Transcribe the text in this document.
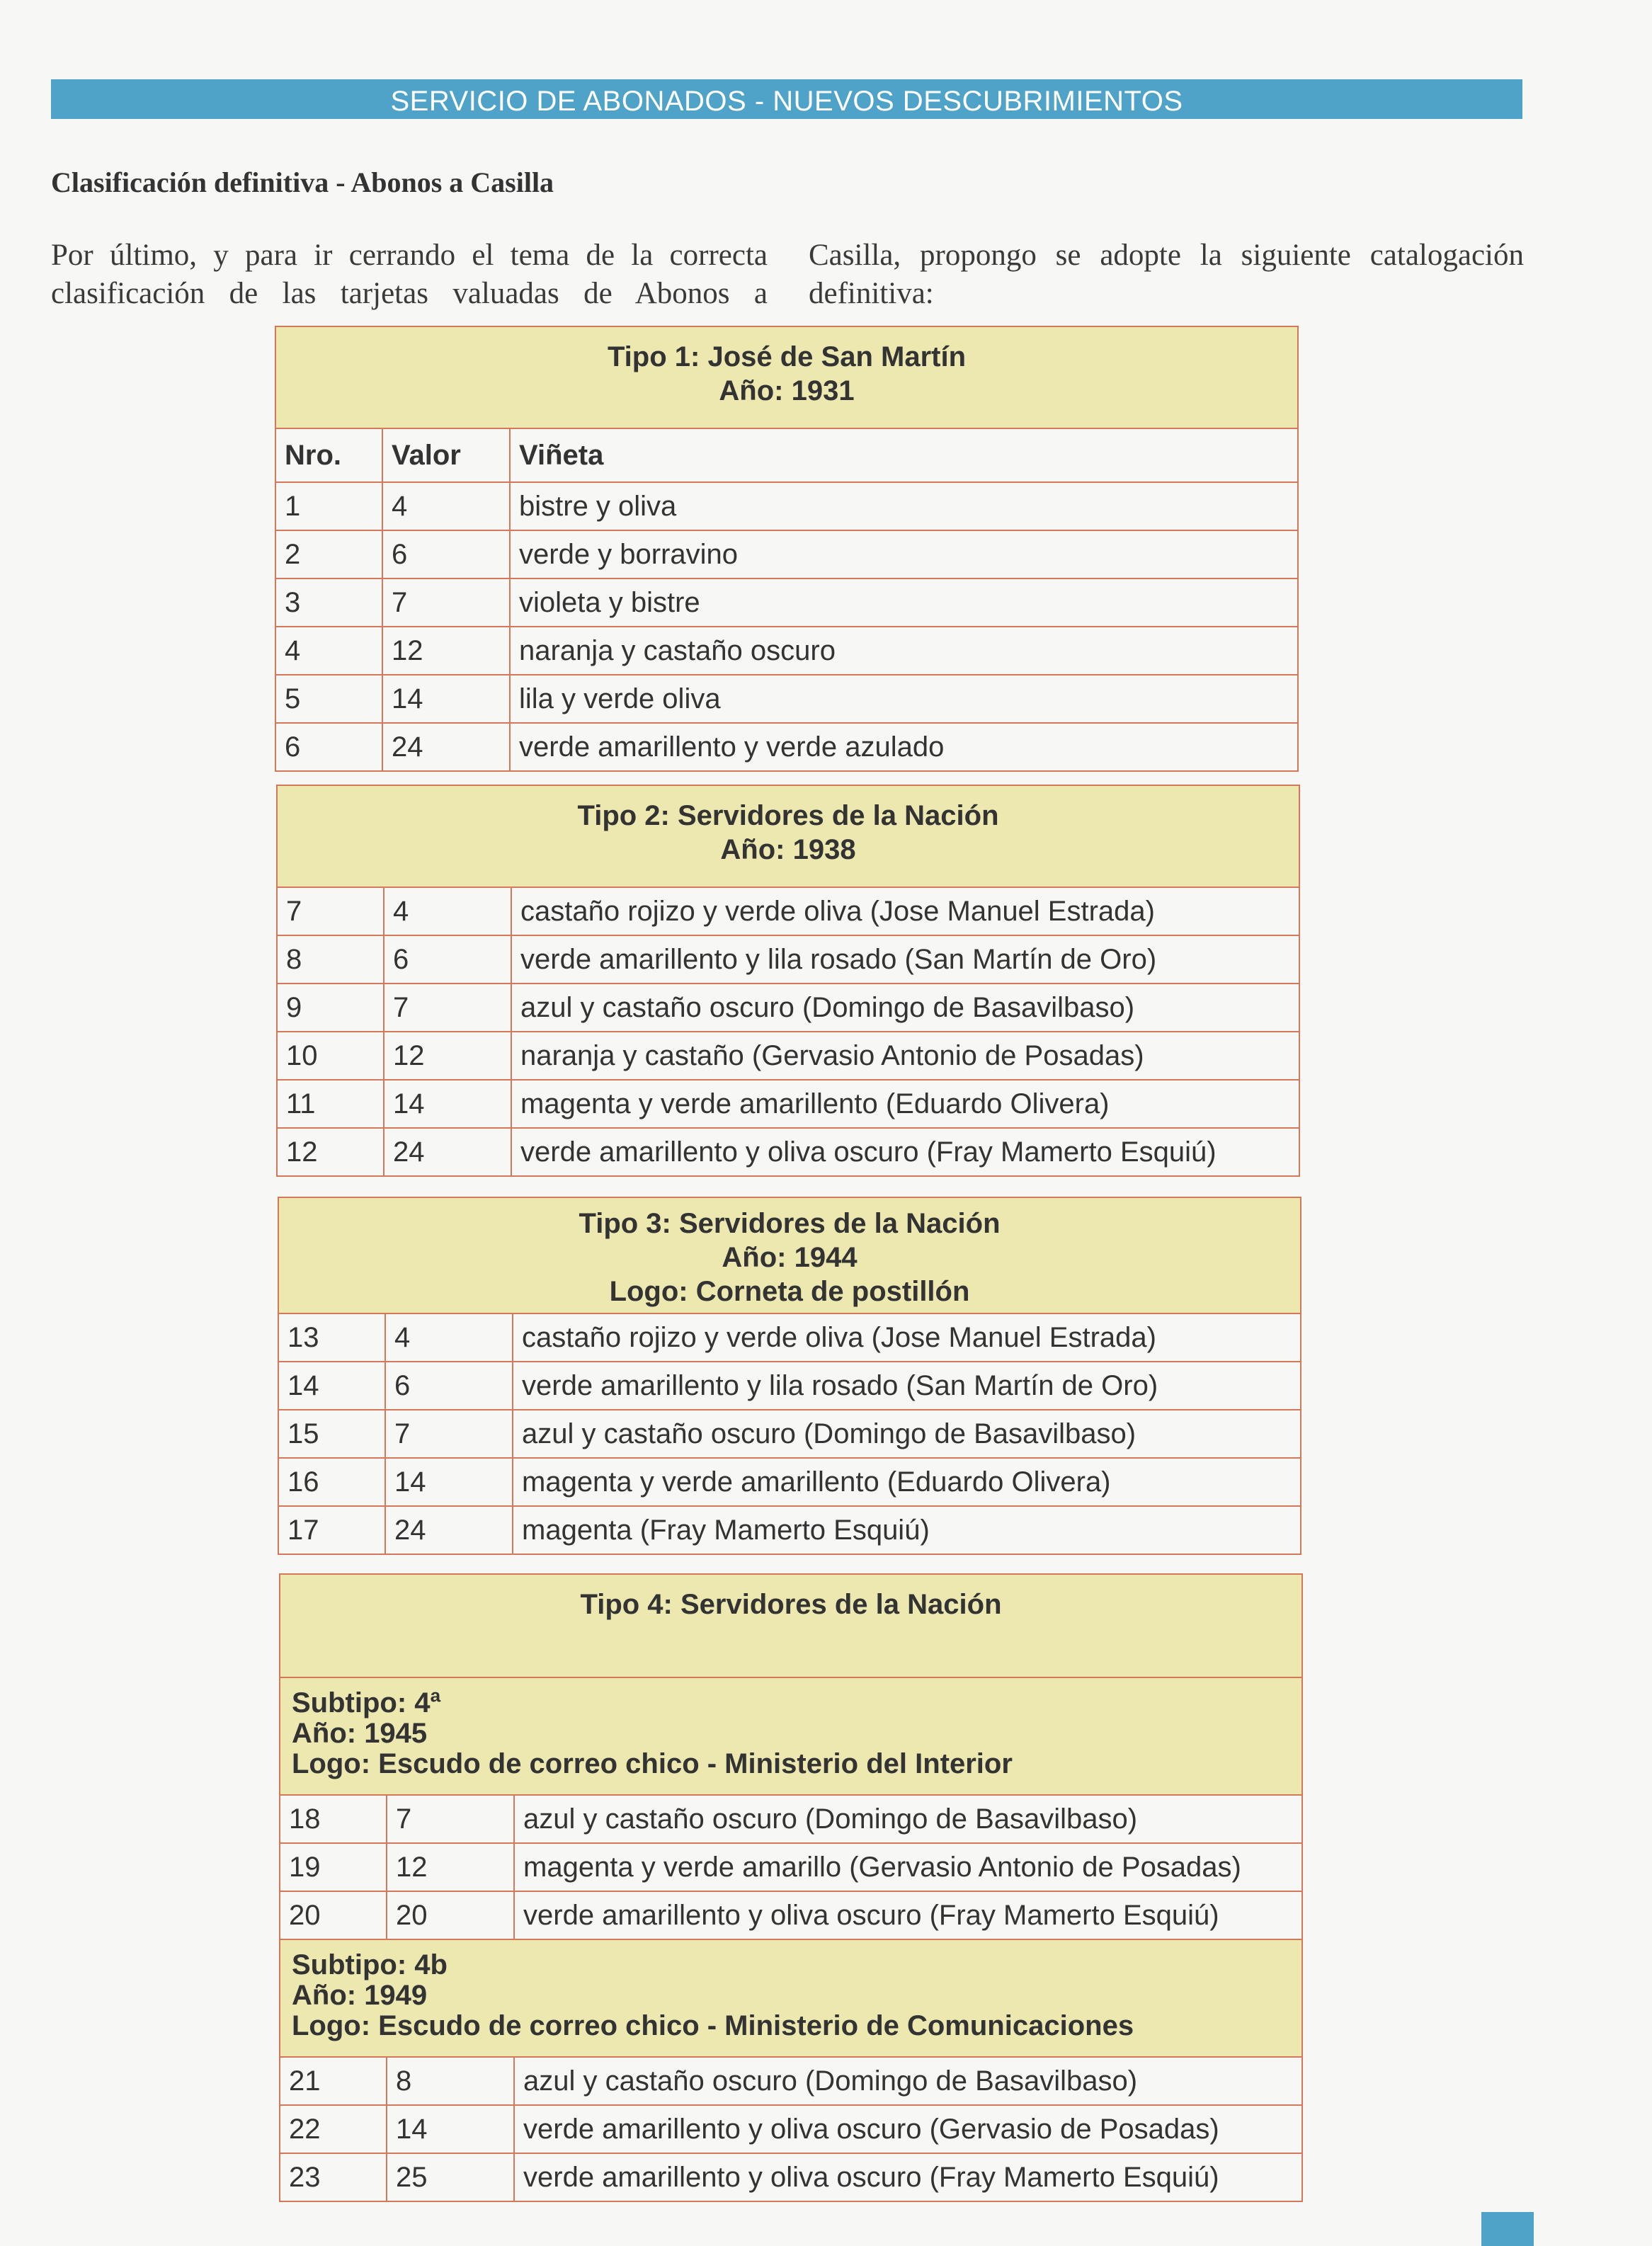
SERVICIO DE ABONADOS - NUEVOS DESCUBRIMIENTOS
Clasificación definitiva - Abonos a Casilla

Por último, y para ir cerrando el tema de la correcta clasificación de las tarjetas valuadas de Abonos a

Casilla, propongo se adopte la siguiente catalogación definitiva:

Tipo 1: José de San Martín
Año: 1931
Nro.	Valor	Viñeta
1	4	bistre y oliva
2	6	verde y borravino
3	7	violeta y bistre
4	12	naranja y castaño oscuro
5	14	lila y verde oliva
6	24	verde amarillento y verde azulado
Tipo 2: Servidores de la Nación
Año: 1938
7	4	castaño rojizo y verde oliva (Jose Manuel Estrada)
8	6	verde amarillento y lila rosado (San Martín de Oro)
9	7	azul y castaño oscuro (Domingo de Basavilbaso)
10	12	naranja y castaño (Gervasio Antonio de Posadas)
11	14	magenta y verde amarillento (Eduardo Olivera)
12	24	verde amarillento y oliva oscuro (Fray Mamerto Esquiú)
Tipo 3: Servidores de la Nación
Año: 1944
Logo: Corneta de postillón
13	4	castaño rojizo y verde oliva (Jose Manuel Estrada)
14	6	verde amarillento y lila rosado (San Martín de Oro)
15	7	azul y castaño oscuro (Domingo de Basavilbaso)
16	14	magenta y verde amarillento (Eduardo Olivera)
17	24	magenta (Fray Mamerto Esquiú)
Tipo 4: Servidores de la Nación
Subtipo: 4ª
Año: 1945
Logo: Escudo de correo chico - Ministerio del Interior
18	7	azul y castaño oscuro (Domingo de Basavilbaso)
19	12	magenta y verde amarillo (Gervasio Antonio de Posadas)
20	20	verde amarillento y oliva oscuro (Fray Mamerto Esquiú)
Subtipo: 4b
Año: 1949
Logo: Escudo de correo chico - Ministerio de Comunicaciones
21	8	azul y castaño oscuro (Domingo de Basavilbaso)
22	14	verde amarillento y oliva oscuro (Gervasio de Posadas)
23	25	verde amarillento y oliva oscuro (Fray Mamerto Esquiú)
